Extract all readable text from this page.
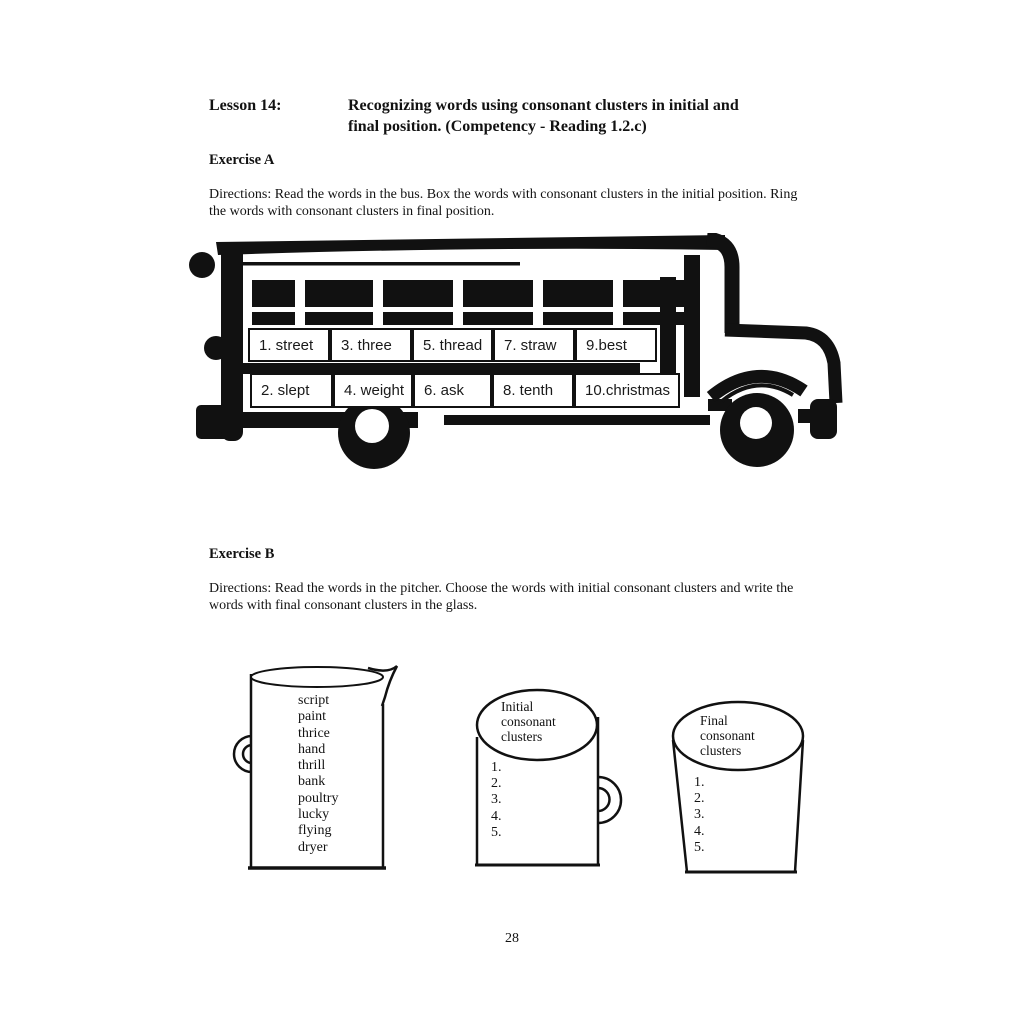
Lesson 14:	Recognizing words using consonant clusters in initial and
final position. (Competency - Reading 1.2.c)
Exercise A
Directions: Read the words in the bus. Box the words with consonant clusters in the initial position. Ring
the words with consonant clusters in final position.
1. street	3. three	5. thread	7. straw	9.best
2. slept	4. weight	6. ask	8. tenth	10.christmas
Exercise B
Directions: Read the words in the pitcher. Choose the words with initial consonant clusters and write the
words with final consonant clusters in the glass.
script
paint
thrice
hand
thrill
bank
poultry
lucky
flying
dryer
Initial
consonant
clusters
1.
2.
3.
4.
5.
Final
consonant
clusters
1.
2.
3.
4.
5.
28
